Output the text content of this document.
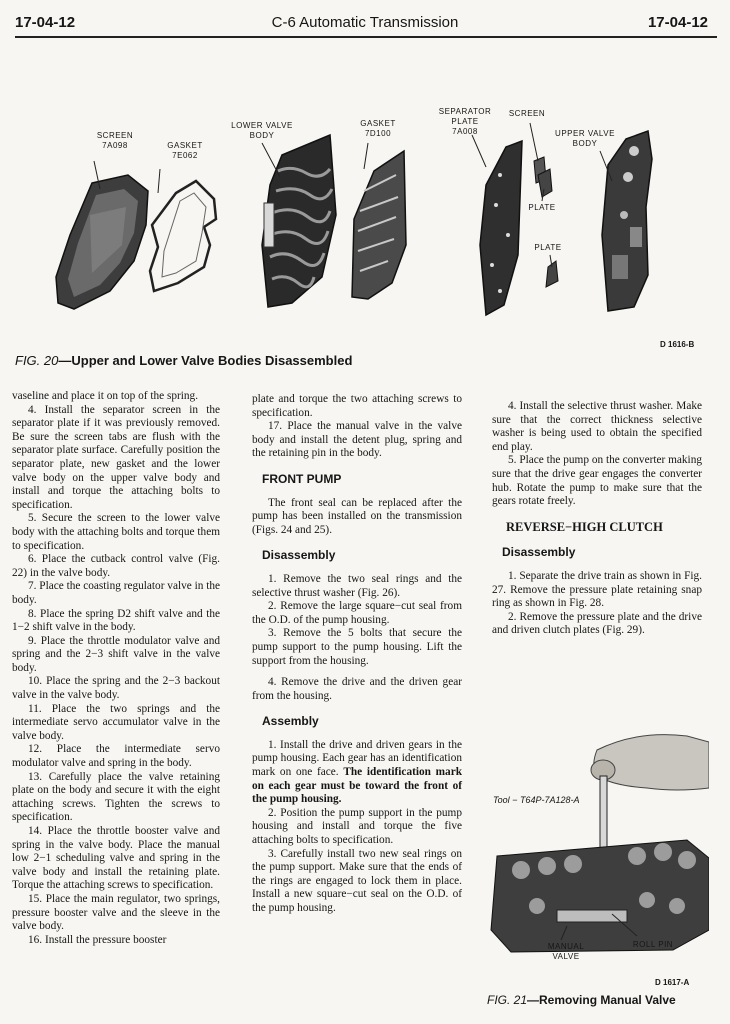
17-04-12	C-6 Automatic Transmission	17-04-12
SCREEN
7A098	GASKET
7E062
LOWER VALVE
BODY
GASKET
7D100
SEPARATOR
PLATE
7A008
SCREEN
UPPER VALVE
BODY
PLATE
PLATE
D 1616-B
FIG. 20—Upper and Lower Valve Bodies Disassembled

vaseline and place it on top of the spring.

4. Install the separator screen in the separator plate if it was previously removed. Be sure the screen tabs are flush with the separator plate surface. Carefully position the separator plate, new gasket and the lower valve body on the upper valve body and install and torque the attaching bolts to specification.

5. Secure the screen to the lower valve body with the attaching bolts and torque them to specification.

6. Place the cutback control valve (Fig. 22) in the valve body.

7. Place the coasting regulator valve in the body.

8. Place the spring D2 shift valve and the 1−2 shift valve in the body.

9. Place the throttle modulator valve and spring and the 2−3 shift valve in the valve body.

10. Place the spring and the 2−3 backout valve in the valve body.

11. Place the two springs and the intermediate servo accumulator valve in the valve body.

12. Place the intermediate servo modulator valve and spring in the body.

13. Carefully place the valve retaining plate on the body and secure it with the eight attaching screws. Tighten the screws to specification.

14. Place the throttle booster valve and spring in the valve body. Place the manual low 2−1 scheduling valve and spring in the valve body and install the retaining plate. Torque the attaching screws to specification.

15. Place the main regulator, two springs, pressure booster valve and the sleeve in the valve body.

16. Install the pressure booster

plate and torque the two attaching screws to specification.

17. Place the manual valve in the valve body and install the detent plug, spring and the retaining pin in the body.

FRONT PUMP

The front seal can be replaced after the pump has been installed on the transmission (Figs. 24 and 25).

Disassembly

1. Remove the two seal rings and the selective thrust washer (Fig. 26).

2. Remove the large square−cut seal from the O.D. of the pump housing.

3. Remove the 5 bolts that secure the pump support to the pump housing. Lift the support from the housing.

4. Remove the drive and the driven gear from the housing.

Assembly

1. Install the drive and driven gears in the pump housing. Each gear has an identification mark on one face. The identification mark on each gear must be toward the front of the pump housing.

2. Position the pump support in the pump housing and install and torque the five attaching bolts to specification.

3. Carefully install two new seal rings on the pump support. Make sure that the ends of the rings are engaged to lock them in place. Install a new square−cut seal on the O.D. of the pump housing.

4. Install the selective thrust washer. Make sure that the correct thickness selective washer is being used to obtain the specified end play.

5. Place the pump on the converter making sure that the drive gear engages the converter hub. Rotate the pump to make sure that the gears rotate freely.

REVERSE−HIGH CLUTCH

Disassembly

1. Separate the drive train as shown in Fig. 27. Remove the pressure plate retaining snap ring as shown in Fig. 28.

2. Remove the pressure plate and the drive and driven clutch plates (Fig. 29).

Tool − T64P-7A128-A
MANUAL
VALVE
ROLL PIN
D 1617-A
FIG. 21—Removing Manual Valve
